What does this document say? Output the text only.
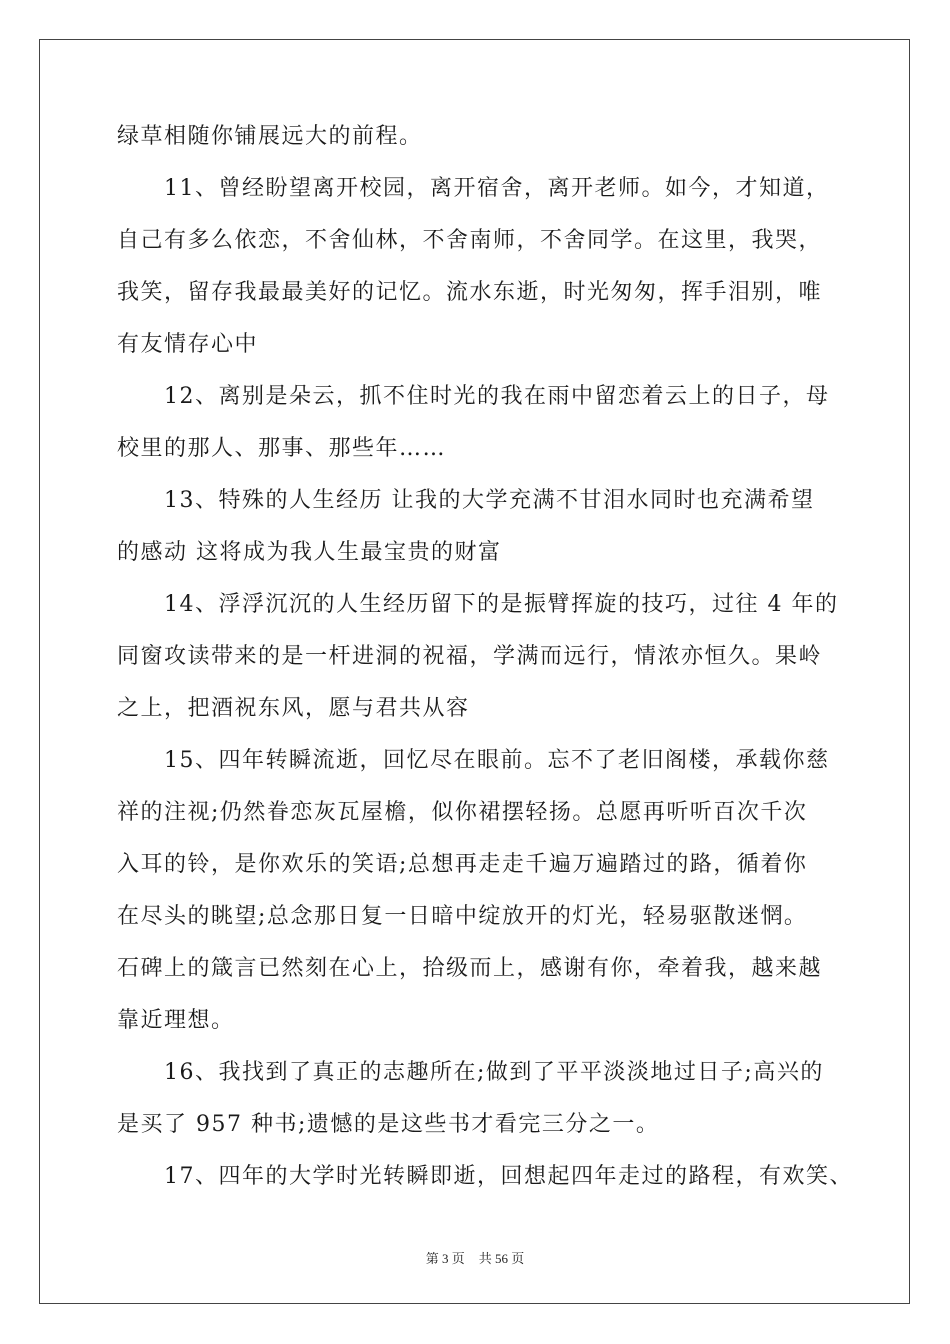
绿草相随你铺展远大的前程。
11、曾经盼望离开校园，离开宿舍，离开老师。如今，才知道，
自己有多么依恋，不舍仙林，不舍南师，不舍同学。在这里，我哭，
我笑，留存我最最美好的记忆。流水东逝，时光匆匆，挥手泪别，唯
有友情存心中
12、离别是朵云，抓不住时光的我在雨中留恋着云上的日子，母
校里的那人、那事、那些年……
13、特殊的人生经历 让我的大学充满不甘泪水同时也充满希望
的感动 这将成为我人生最宝贵的财富
14、浮浮沉沉的人生经历留下的是振臂挥旋的技巧，过往 4 年的
同窗攻读带来的是一杆进洞的祝福，学满而远行，情浓亦恒久。果岭
之上，把酒祝东风，愿与君共从容
15、四年转瞬流逝，回忆尽在眼前。忘不了老旧阁楼，承载你慈
祥的注视;仍然眷恋灰瓦屋檐，似你裙摆轻扬。总愿再听听百次千次
入耳的铃，是你欢乐的笑语;总想再走走千遍万遍踏过的路，循着你
在尽头的眺望;总念那日复一日暗中绽放开的灯光，轻易驱散迷惘。
石碑上的箴言已然刻在心上，拾级而上，感谢有你，牵着我，越来越
靠近理想。
16、我找到了真正的志趣所在;做到了平平淡淡地过日子;高兴的
是买了 957 种书;遗憾的是这些书才看完三分之一。
17、四年的大学时光转瞬即逝，回想起四年走过的路程，有欢笑、
第 3 页 共 56 页
